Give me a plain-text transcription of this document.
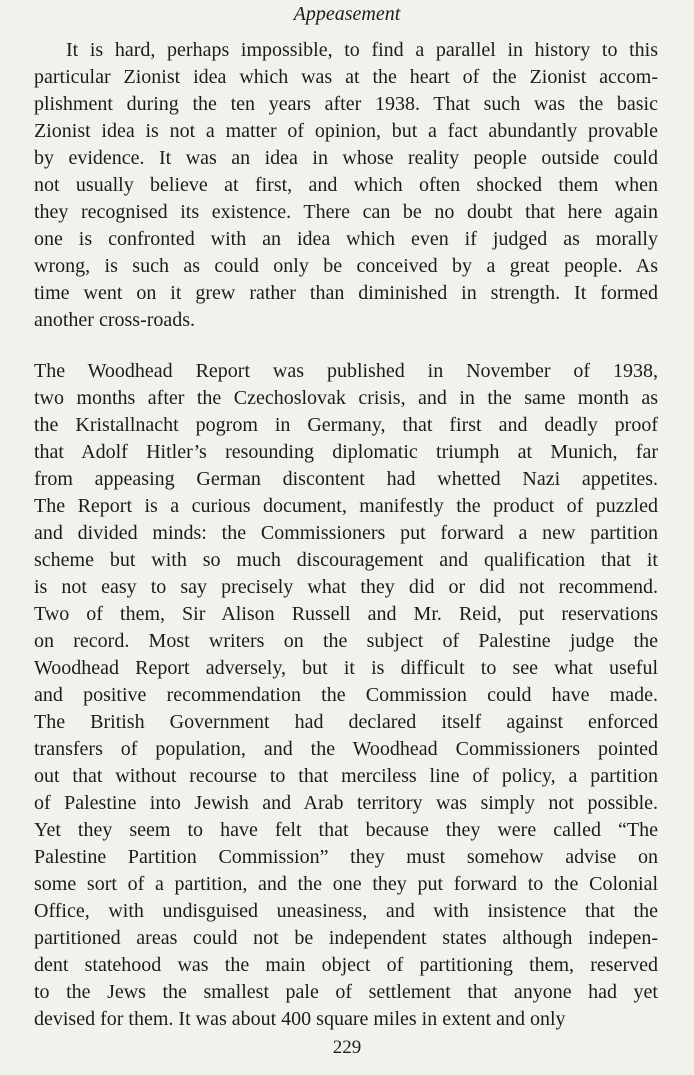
Appeasement
It is hard, perhaps impossible, to find a parallel in history to this
particular Zionist idea which was at the heart of the Zionist accom-
plishment during the ten years after 1938. That such was the basic
Zionist idea is not a matter of opinion, but a fact abundantly provable
by evidence. It was an idea in whose reality people outside could
not usually believe at first, and which often shocked them when
they recognised its existence. There can be no doubt that here again
one is confronted with an idea which even if judged as morally
wrong, is such as could only be conceived by a great people. As
time went on it grew rather than diminished in strength. It formed
another cross-roads.
The Woodhead Report was published in November of 1938,
two months after the Czechoslovak crisis, and in the same month as
the Kristallnacht pogrom in Germany, that first and deadly proof
that Adolf Hitler’s resounding diplomatic triumph at Munich, far
from appeasing German discontent had whetted Nazi appetites.
The Report is a curious document, manifestly the product of puzzled
and divided minds: the Commissioners put forward a new partition
scheme but with so much discouragement and qualification that it
is not easy to say precisely what they did or did not recommend.
Two of them, Sir Alison Russell and Mr. Reid, put reservations
on record. Most writers on the subject of Palestine judge the
Woodhead Report adversely, but it is difficult to see what useful
and positive recommendation the Commission could have made.
The British Government had declared itself against enforced
transfers of population, and the Woodhead Commissioners pointed
out that without recourse to that merciless line of policy, a partition
of Palestine into Jewish and Arab territory was simply not possible.
Yet they seem to have felt that because they were called “The
Palestine Partition Commission” they must somehow advise on
some sort of a partition, and the one they put forward to the Colonial
Office, with undisguised uneasiness, and with insistence that the
partitioned areas could not be independent states although indepen-
dent statehood was the main object of partitioning them, reserved
to the Jews the smallest pale of settlement that anyone had yet
devised for them. It was about 400 square miles in extent and only
229
